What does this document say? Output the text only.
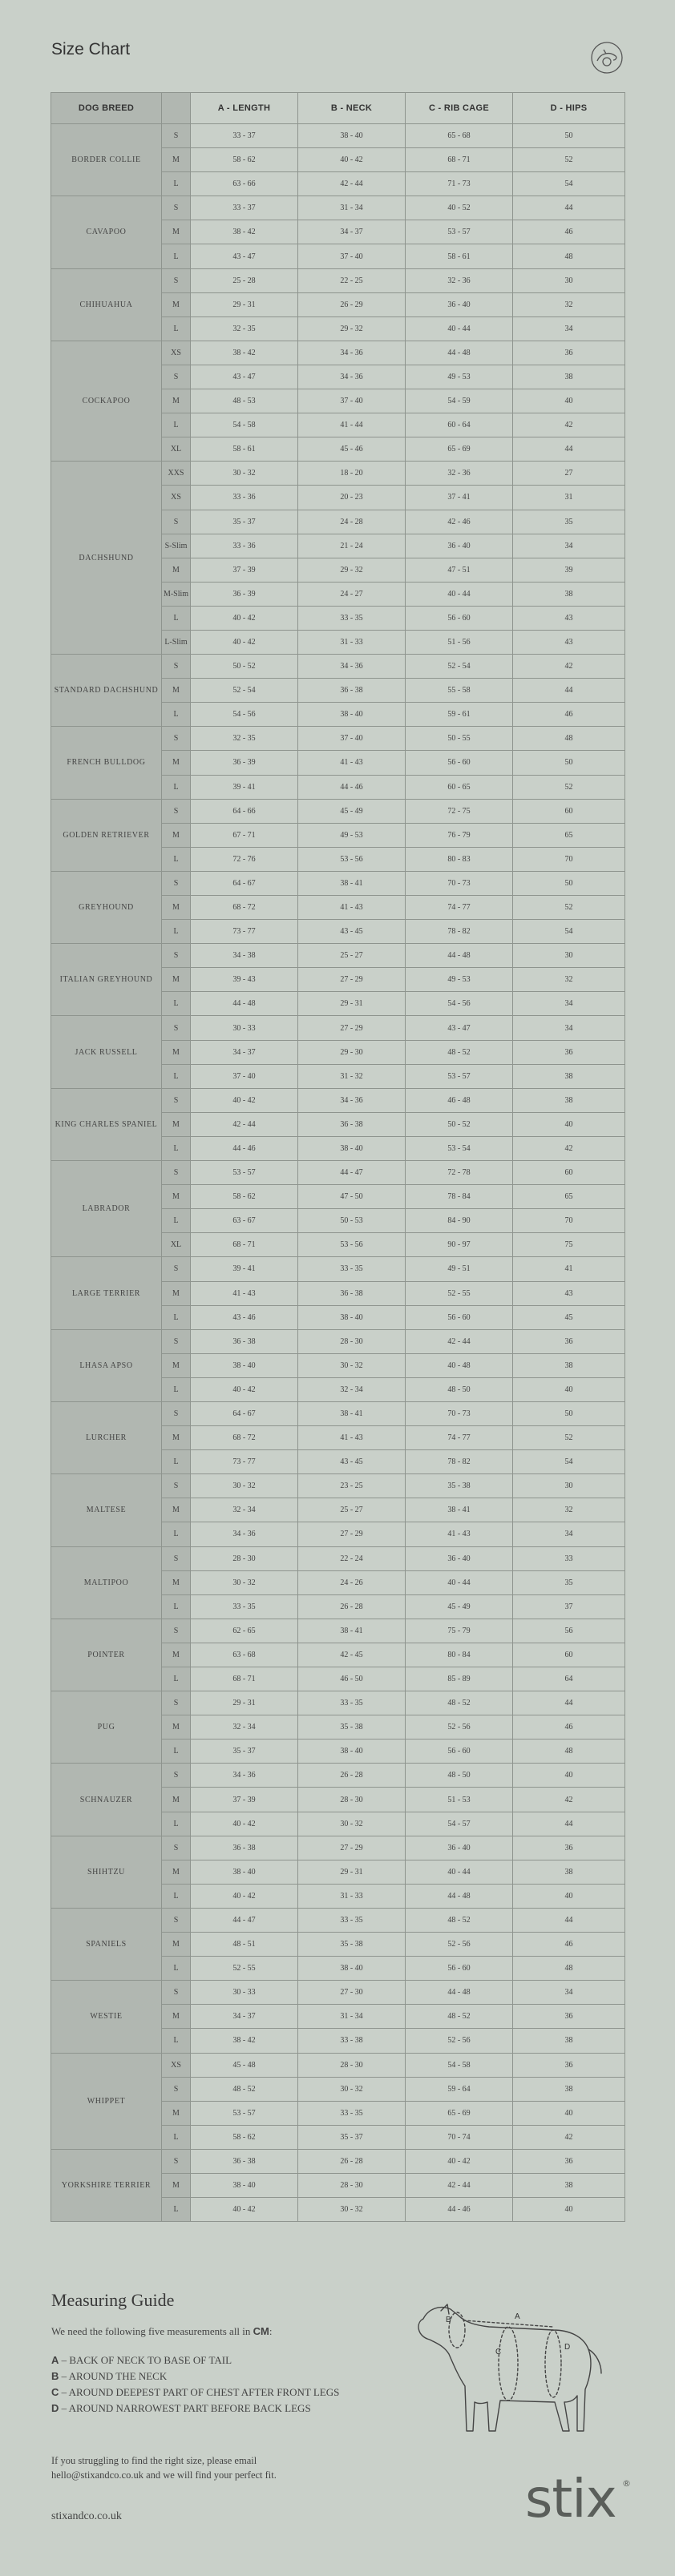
Size Chart
DOG BREED		A - LENGTH	B - NECK	C - RIB CAGE	D - HIPS
BORDER COLLIE	S	33 - 37	38 - 40	65 - 68	50
	M	58 - 62	40 - 42	68 - 71	52
	L	63 - 66	42 - 44	71 - 73	54
CAVAPOO	S	33 - 37	31 - 34	40 - 52	44
	M	38 - 42	34 - 37	53 - 57	46
	L	43 - 47	37 - 40	58 - 61	48
CHIHUAHUA	S	25 - 28	22 - 25	32 - 36	30
	M	29 - 31	26 - 29	36 - 40	32
	L	32 - 35	29 - 32	40 - 44	34
COCKAPOO	XS	38 - 42	34 - 36	44 - 48	36
	S	43 - 47	34 - 36	49 - 53	38
	M	48 - 53	37 - 40	54 - 59	40
	L	54 - 58	41 - 44	60 - 64	42
	XL	58 - 61	45 - 46	65 - 69	44
DACHSHUND	XXS	30 - 32	18 - 20	32 - 36	27
	XS	33 - 36	20 - 23	37 - 41	31
	S	35 - 37	24 - 28	42 - 46	35
	S-Slim	33 - 36	21 - 24	36 - 40	34
	M	37 - 39	29 - 32	47 - 51	39
	M-Slim	36 - 39	24 - 27	40 - 44	38
	L	40 - 42	33 - 35	56 - 60	43
	L-Slim	40 - 42	31 - 33	51 - 56	43
STANDARD DACHSHUND	S	50 - 52	34 - 36	52 - 54	42
	M	52 - 54	36 - 38	55 - 58	44
	L	54 - 56	38 - 40	59 - 61	46
FRENCH BULLDOG	S	32 - 35	37 - 40	50 - 55	48
	M	36 - 39	41 - 43	56 - 60	50
	L	39 - 41	44 - 46	60 - 65	52
GOLDEN RETRIEVER	S	64 - 66	45 - 49	72 - 75	60
	M	67 - 71	49 - 53	76 - 79	65
	L	72 - 76	53 - 56	80 - 83	70
GREYHOUND	S	64 - 67	38 - 41	70 - 73	50
	M	68 - 72	41 - 43	74 - 77	52
	L	73 - 77	43 - 45	78 - 82	54
ITALIAN GREYHOUND	S	34 - 38	25 - 27	44 - 48	30
	M	39 - 43	27 - 29	49 - 53	32
	L	44 - 48	29 - 31	54 - 56	34
JACK RUSSELL	S	30 - 33	27 - 29	43 - 47	34
	M	34 - 37	29 - 30	48 - 52	36
	L	37 - 40	31 - 32	53 - 57	38
KING CHARLES SPANIEL	S	40 - 42	34 - 36	46 - 48	38
	M	42 - 44	36 - 38	50 - 52	40
	L	44 - 46	38 - 40	53 - 54	42
LABRADOR	S	53 - 57	44 - 47	72 - 78	60
	M	58 - 62	47 - 50	78 - 84	65
	L	63 - 67	50 - 53	84 - 90	70
	XL	68 - 71	53 - 56	90 - 97	75
LARGE TERRIER	S	39 - 41	33 - 35	49 - 51	41
	M	41 - 43	36 - 38	52 - 55	43
	L	43 - 46	38 - 40	56 - 60	45
LHASA APSO	S	36 - 38	28 - 30	42 - 44	36
	M	38 - 40	30 - 32	40 - 48	38
	L	40 - 42	32 - 34	48 - 50	40
LURCHER	S	64 - 67	38 - 41	70 - 73	50
	M	68 - 72	41 - 43	74 - 77	52
	L	73 - 77	43 - 45	78 - 82	54
MALTESE	S	30 - 32	23 - 25	35 - 38	30
	M	32 - 34	25 - 27	38 - 41	32
	L	34 - 36	27 - 29	41 - 43	34
MALTIPOO	S	28 - 30	22 - 24	36 - 40	33
	M	30 - 32	24 - 26	40 - 44	35
	L	33 - 35	26 - 28	45 - 49	37
POINTER	S	62 - 65	38 - 41	75 - 79	56
	M	63 - 68	42 - 45	80 - 84	60
	L	68 - 71	46 - 50	85 - 89	64
PUG	S	29 - 31	33 - 35	48 - 52	44
	M	32 - 34	35 - 38	52 - 56	46
	L	35 - 37	38 - 40	56 - 60	48
SCHNAUZER	S	34 - 36	26 - 28	48 - 50	40
	M	37 - 39	28 - 30	51 - 53	42
	L	40 - 42	30 - 32	54 - 57	44
SHIHTZU	S	36 - 38	27 - 29	36 - 40	36
	M	38 - 40	29 - 31	40 - 44	38
	L	40 - 42	31 - 33	44 - 48	40
SPANIELS	S	44 - 47	33 - 35	48 - 52	44
	M	48 - 51	35 - 38	52 - 56	46
	L	52 - 55	38 - 40	56 - 60	48
WESTIE	S	30 - 33	27 - 30	44 - 48	34
	M	34 - 37	31 - 34	48 - 52	36
	L	38 - 42	33 - 38	52 - 56	38
WHIPPET	XS	45 - 48	28 - 30	54 - 58	36
	S	48 - 52	30 - 32	59 - 64	38
	M	53 - 57	33 - 35	65 - 69	40
	L	58 - 62	35 - 37	70 - 74	42
YORKSHIRE TERRIER	S	36 - 38	26 - 28	40 - 42	36
	M	38 - 40	28 - 30	42 - 44	38
	L	40 - 42	30 - 32	44 - 46	40
Measuring Guide
We need the following five measurements all in CM:
A – BACK OF NECK TO BASE OF TAIL
B – AROUND THE NECK
C – AROUND DEEPEST PART OF CHEST AFTER FRONT LEGS
D – AROUND NARROWEST PART BEFORE BACK LEGS
If you struggling to find the right size, please email
hello@stixandco.co.uk and we will find your perfect fit.
stixandco.co.uk
B	A
C
D
stix ®
